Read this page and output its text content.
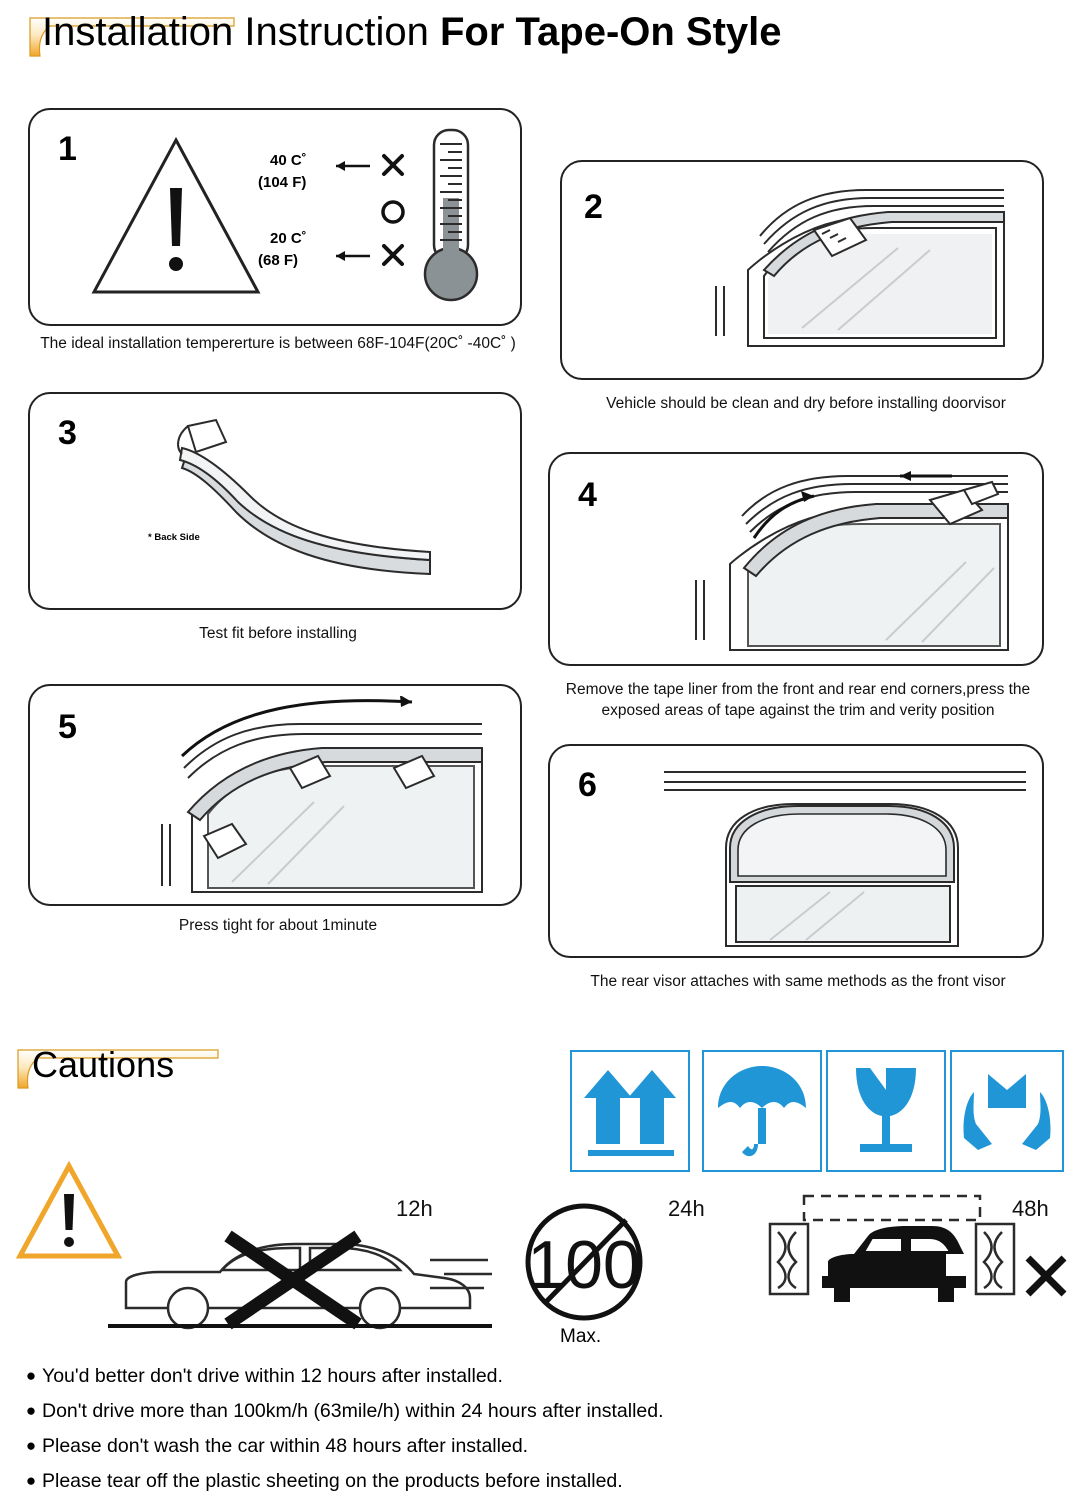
Installation Instruction For Tape-On Style
1	40 C˚
(104 F)
20 C˚
(68 F)
The ideal installation tempererture is between 68F-104F(20C˚ -40C˚ )
2
Vehicle should be clean and dry before installing doorvisor
3
* Back Side
Test fit before installing
4
Remove the tape liner from the front and rear end corners,press the exposed areas of tape against the trim and verity position
5
Press tight for about 1minute
6
The rear visor attaches with same methods as the front visor
Cautions
12h
100
Max.
24h	48h
● You'd better don't drive within 12 hours after installed.
● Don't drive more than 100km/h (63mile/h) within 24 hours after installed.
● Please don't wash the car within 48 hours after installed.
● Please tear off the plastic sheeting on the products before installed.
